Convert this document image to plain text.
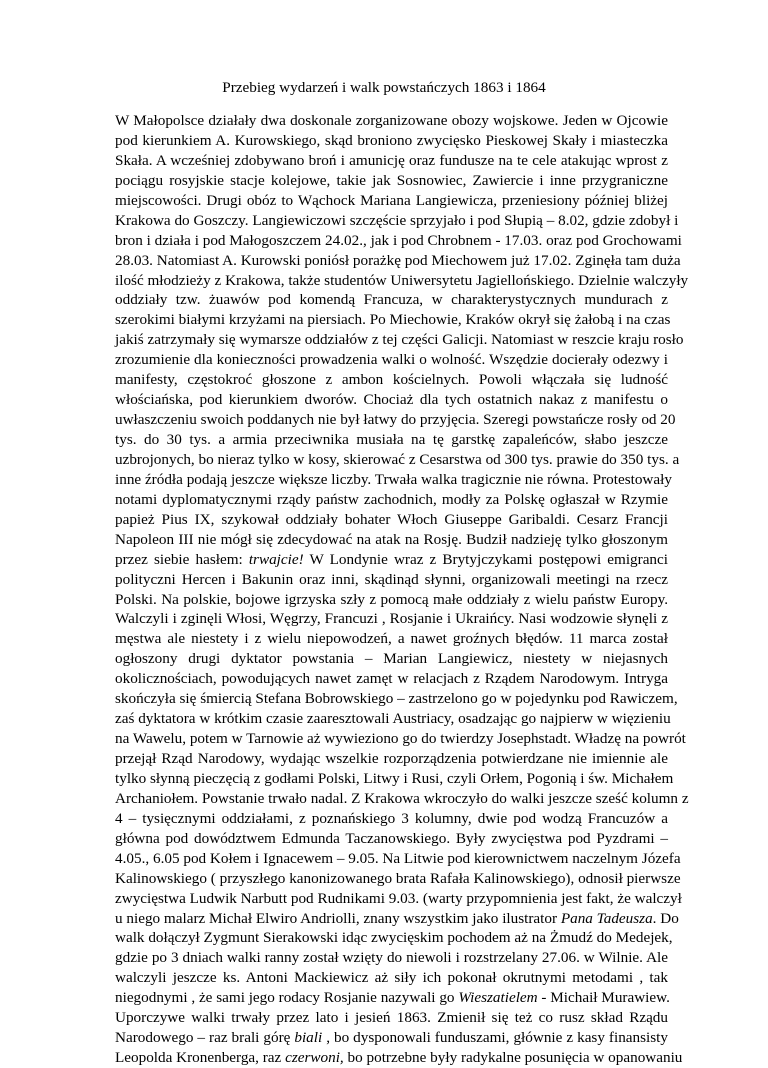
Przebieg wydarzeń i walk powstańczych 1863 i 1864
W Małopolsce działały dwa doskonale zorganizowane obozy wojskowe. Jeden w Ojcowie
pod kierunkiem A. Kurowskiego, skąd broniono zwycięsko Pieskowej Skały i miasteczka
Skała. A wcześniej zdobywano broń i amunicję oraz fundusze na te cele atakując wprost z
pociągu rosyjskie stacje kolejowe, takie jak Sosnowiec, Zawiercie i inne przygraniczne
miejscowości. Drugi obóz to Wąchock Mariana Langiewicza, przeniesiony później bliżej
Krakowa do Goszczy. Langiewiczowi szczęście sprzyjało i pod Słupią – 8.02, gdzie zdobył i
bron i działa i pod Małogoszczem 24.02., jak i pod Chrobnem - 17.03. oraz pod Grochowami
28.03. Natomiast A. Kurowski poniósł porażkę pod Miechowem już 17.02. Zginęła tam duża
ilość młodzieży z Krakowa, także studentów Uniwersytetu Jagiellońskiego. Dzielnie walczyły
oddziały tzw. żuawów pod komendą Francuza, w charakterystycznych mundurach z
szerokimi białymi krzyżami na piersiach. Po Miechowie, Kraków okrył się żałobą i na czas
jakiś zatrzymały się wymarsze oddziałów z tej części Galicji. Natomiast w reszcie kraju rosło
zrozumienie dla konieczności prowadzenia walki o wolność. Wszędzie docierały odezwy i
manifesty, częstokroć głoszone z ambon kościelnych. Powoli włączała się ludność
włościańska, pod kierunkiem dworów. Chociaż dla tych ostatnich nakaz z manifestu o
uwłaszczeniu swoich poddanych nie był łatwy do przyjęcia. Szeregi powstańcze rosły od 20
tys. do 30 tys. a armia przeciwnika musiała na tę garstkę zapaleńców, słabo jeszcze
uzbrojonych, bo nieraz tylko w kosy, skierować z Cesarstwa od 300 tys. prawie do 350 tys. a
inne źródła podają jeszcze większe liczby. Trwała walka tragicznie nie równa. Protestowały
notami dyplomatycznymi rządy państw zachodnich, modły za Polskę ogłaszał w Rzymie
papież Pius IX, szykował oddziały bohater Włoch Giuseppe Garibaldi. Cesarz Francji
Napoleon III nie mógł się zdecydować na atak na Rosję. Budził nadzieję tylko głoszonym
przez siebie hasłem: trwajcie! W Londynie wraz z Brytyjczykami postępowi emigranci
polityczni Hercen i Bakunin oraz inni, skądinąd słynni, organizowali meetingi na rzecz
Polski. Na polskie, bojowe igrzyska szły z pomocą małe oddziały z wielu państw Europy.
Walczyli i zginęli Włosi, Węgrzy, Francuzi , Rosjanie i Ukraińcy. Nasi wodzowie słynęli z
męstwa ale niestety i z wielu niepowodzeń, a nawet groźnych błędów. 11 marca został
ogłoszony drugi dyktator powstania – Marian Langiewicz, niestety w niejasnych
okolicznościach, powodujących nawet zamęt w relacjach z Rządem Narodowym. Intryga
skończyła się śmiercią Stefana Bobrowskiego – zastrzelono go w pojedynku pod Rawiczem,
zaś dyktatora w krótkim czasie zaaresztowali Austriacy, osadzając go najpierw w więzieniu
na Wawelu, potem w Tarnowie aż wywieziono go do twierdzy Josephstadt. Władzę na powrót
przejął Rząd Narodowy, wydając wszelkie rozporządzenia potwierdzane nie imiennie ale
tylko słynną pieczęcią z godłami Polski, Litwy i Rusi, czyli Orłem, Pogonią i św. Michałem
Archaniołem. Powstanie trwało nadal. Z Krakowa wkroczyło do walki jeszcze sześć kolumn z
4 – tysięcznymi oddziałami, z poznańskiego 3 kolumny, dwie pod wodzą Francuzów a
główna pod dowództwem Edmunda Taczanowskiego. Były zwycięstwa pod Pyzdrami –
4.05., 6.05 pod Kołem i Ignacewem – 9.05. Na Litwie pod kierownictwem naczelnym Józefa
Kalinowskiego ( przyszłego kanonizowanego brata Rafała Kalinowskiego), odnosił pierwsze
zwycięstwa Ludwik Narbutt pod Rudnikami 9.03. (warty przypomnienia jest fakt, że walczył
u niego malarz Michał Elwiro Andriolli, znany wszystkim jako ilustrator Pana Tadeusza. Do
walk dołączył Zygmunt Sierakowski idąc zwycięskim pochodem aż na Żmudź do Medejek,
gdzie po 3 dniach walki ranny został wzięty do niewoli i rozstrzelany 27.06. w Wilnie. Ale
walczyli jeszcze ks. Antoni Mackiewicz aż siły ich pokonał okrutnymi metodami , tak
niegodnymi , że sami jego rodacy Rosjanie nazywali go Wieszatielem - Michaił Murawiew.
Uporczywe walki trwały przez lato i jesień 1863. Zmienił się też co rusz skład Rządu
Narodowego – raz brali górę biali , bo dysponowali funduszami, głównie z kasy finansisty
Leopolda Kronenberga, raz czerwoni, bo potrzebne były radykalne posunięcia w opanowaniu
